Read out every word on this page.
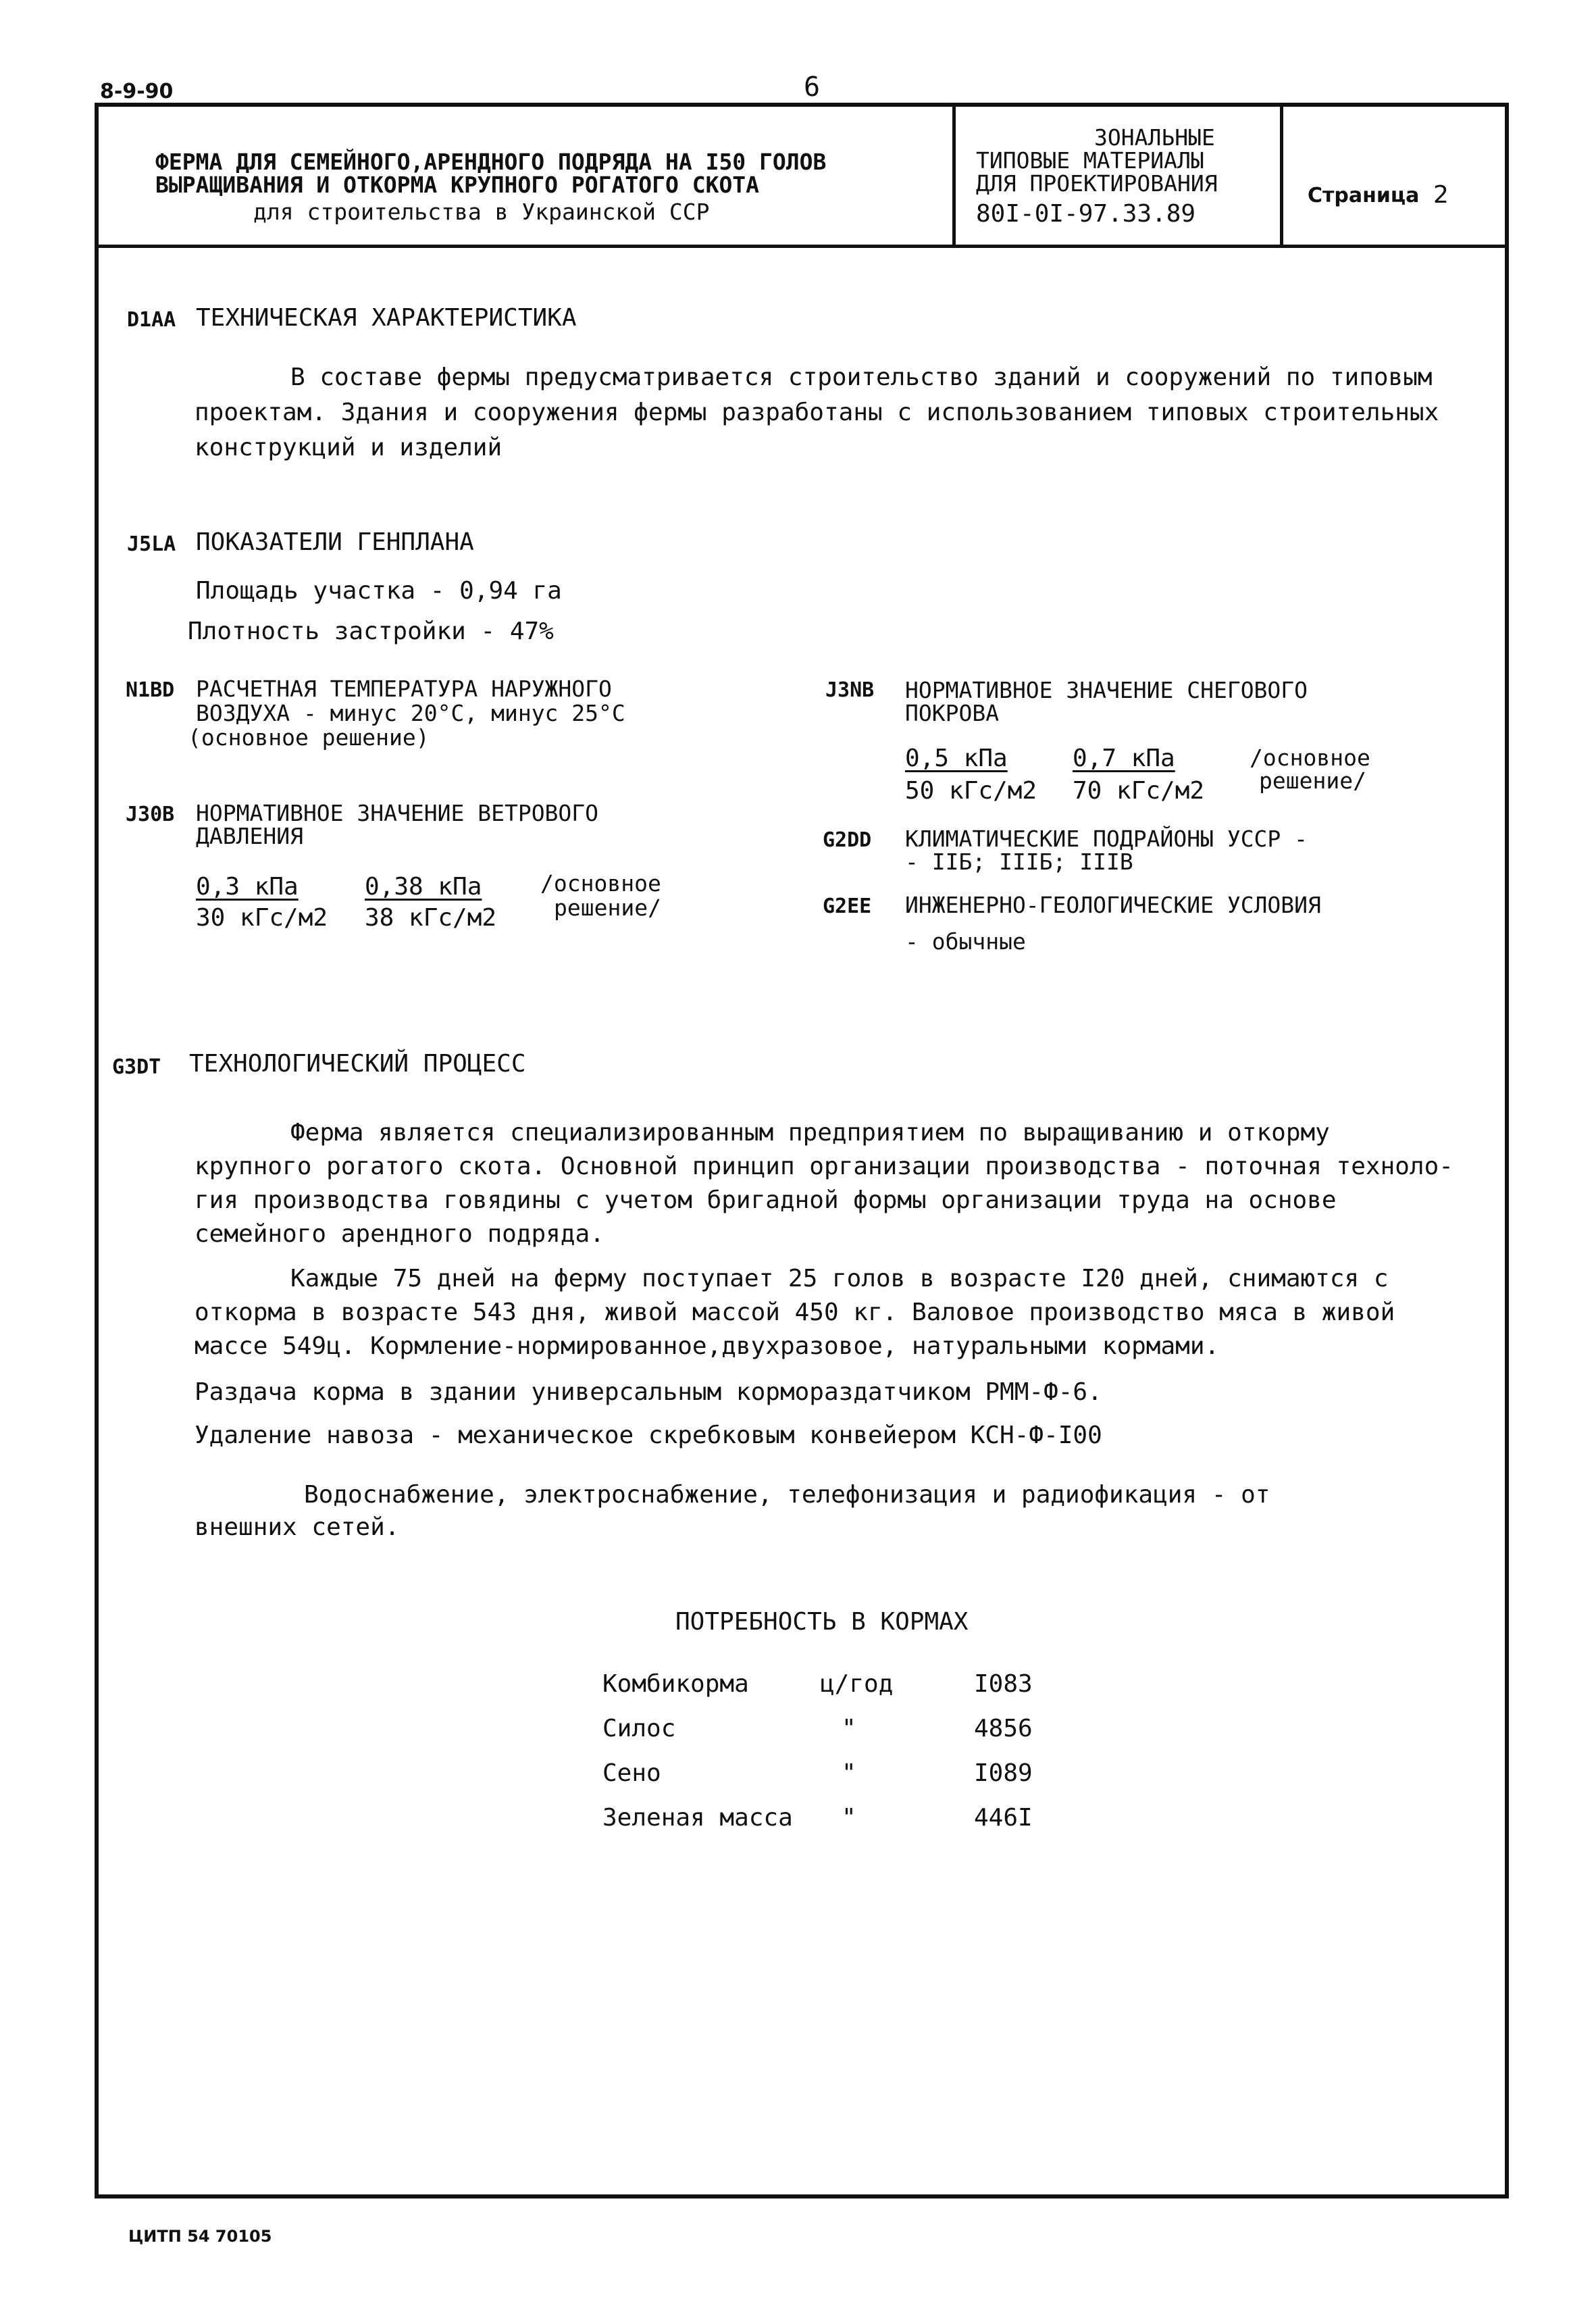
8-9-90	6
ФЕРМА ДЛЯ СЕМЕЙНОГО,АРЕНДНОГО ПОДРЯДА НА I50 ГОЛОВ
ВЫРАЩИВАНИЯ И ОТКОРМА КРУПНОГО РОГАТОГО СКОТА
для строительства в Украинской ССР
ЗОНАЛЬНЫЕ
ТИПОВЫЕ МАТЕРИАЛЫ
ДЛЯ ПРОЕКТИРОВАНИЯ
80I-0I-97.33.89
Страница 2
D1AA ТЕХНИЧЕСКАЯ ХАРАКТЕРИСТИКА
В составе фермы предусматривается строительство зданий и сооружений по типовым
проектам. Здания и сооружения фермы разработаны с использованием типовых строительных
конструкций и изделий
J5LA ПОКАЗАТЕЛИ ГЕНПЛАНА
Площадь участка - 0,94 га
Плотность застройки - 47%
N1BD РАСЧЕТНАЯ ТЕМПЕРАТУРА НАРУЖНОГО
ВОЗДУХА - минус 20°С, минус 25°С
(основное решение)
J30B НОРМАТИВНОЕ ЗНАЧЕНИЕ ВЕТРОВОГО
ДАВЛЕНИЯ
0,3 кПа
30 кГс/м2
0,38 кПа
38 кГс/м2
/основное
решение/
J3NB НОРМАТИВНОЕ ЗНАЧЕНИЕ СНЕГОВОГО
ПОКРОВА
0,5 кПа
50 кГс/м2
0,7 кПа
70 кГс/м2
/основное
решение/
G2DD КЛИМАТИЧЕСКИЕ ПОДРАЙОНЫ УССР -
- IIБ; IIIБ; IIIВ
G2EE ИНЖЕНЕРНО-ГЕОЛОГИЧЕСКИЕ УСЛОВИЯ
- обычные
G3DT ТЕХНОЛОГИЧЕСКИЙ ПРОЦЕСС
Ферма является специализированным предприятием по выращиванию и откорму
крупного рогатого скота. Основной принцип организации производства - поточная техноло-
гия производства говядины с учетом бригадной формы организации труда на основе
семейного арендного подряда.
Каждые 75 дней на ферму поступает 25 голов в возрасте I20 дней, снимаются с
откорма в возрасте 543 дня, живой массой 450 кг. Валовое производство мяса в живой
массе 549ц. Кормление-нормированное,двухразовое, натуральными кормами.
Раздача корма в здании универсальным кормораздатчиком РММ-Ф-6.
Удаление навоза - механическое скребковым конвейером КСН-Ф-I00
Водоснабжение, электроснабжение, телефонизация и радиофикация - от
внешних сетей.
ПОТРЕБНОСТЬ В КОРМАХ
Комбикорма	ц/год	I083
Силос	"	4856
Сено	"	I089
Зеленая масса	"	446I
ЦИТП 54 70105
